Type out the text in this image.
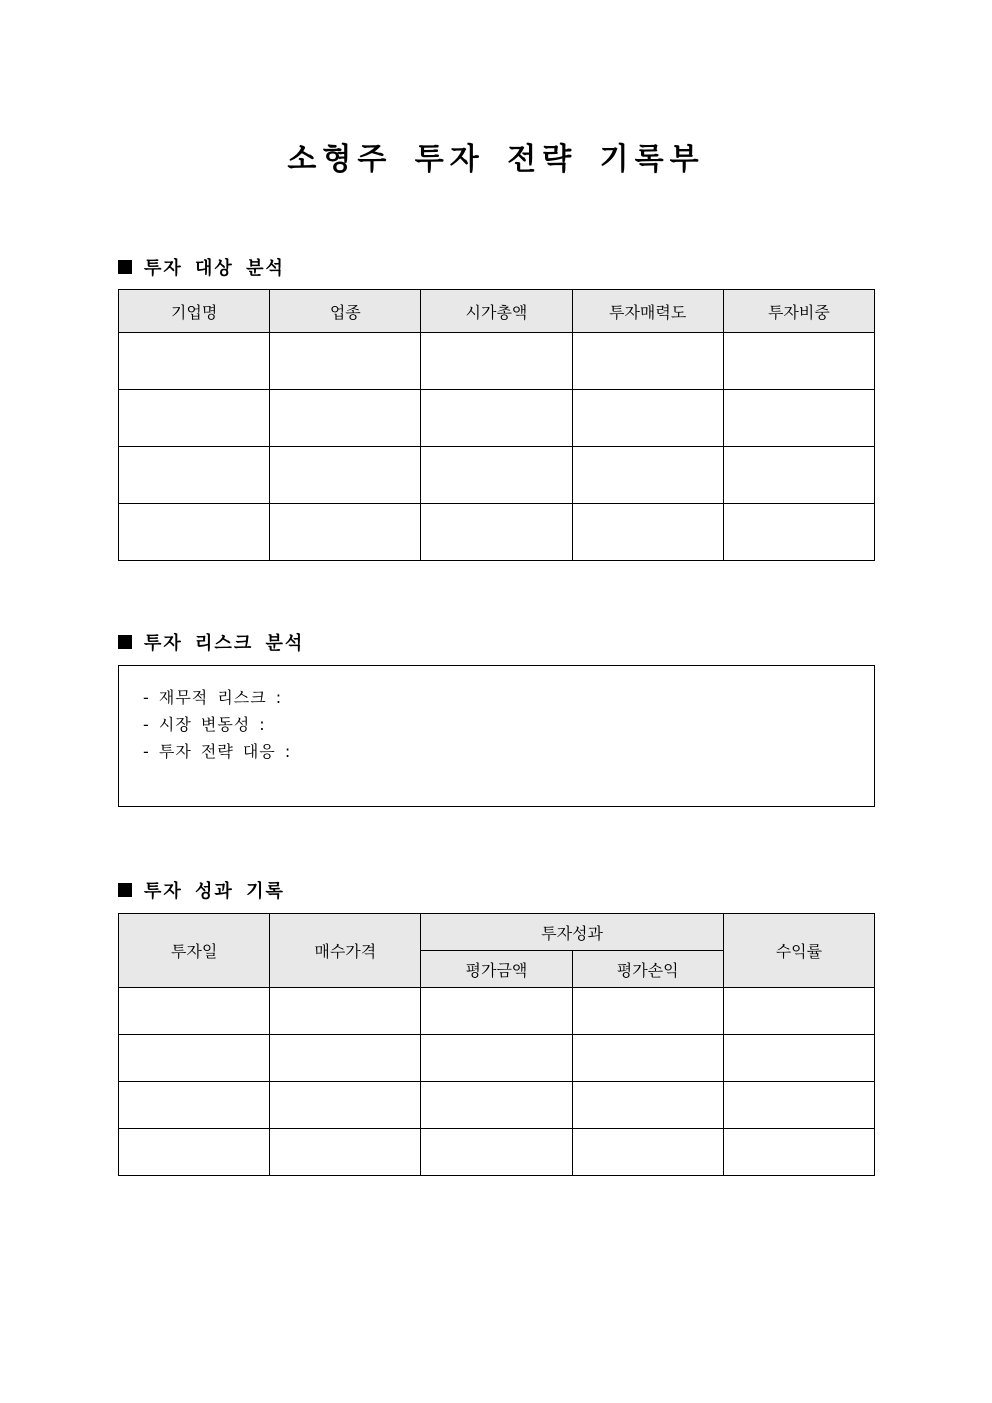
소형주 투자 전략 기록부
투자 대상 분석
기업명	업종	시가총액	투자매력도	투자비중

투자 리스크 분석
- 재무적 리스크 :
- 시장 변동성 :
- 투자 전략 대응 :
투자 성과 기록
투자일	매수가격	투자성과		수익률
		평가금액	평가손익	
